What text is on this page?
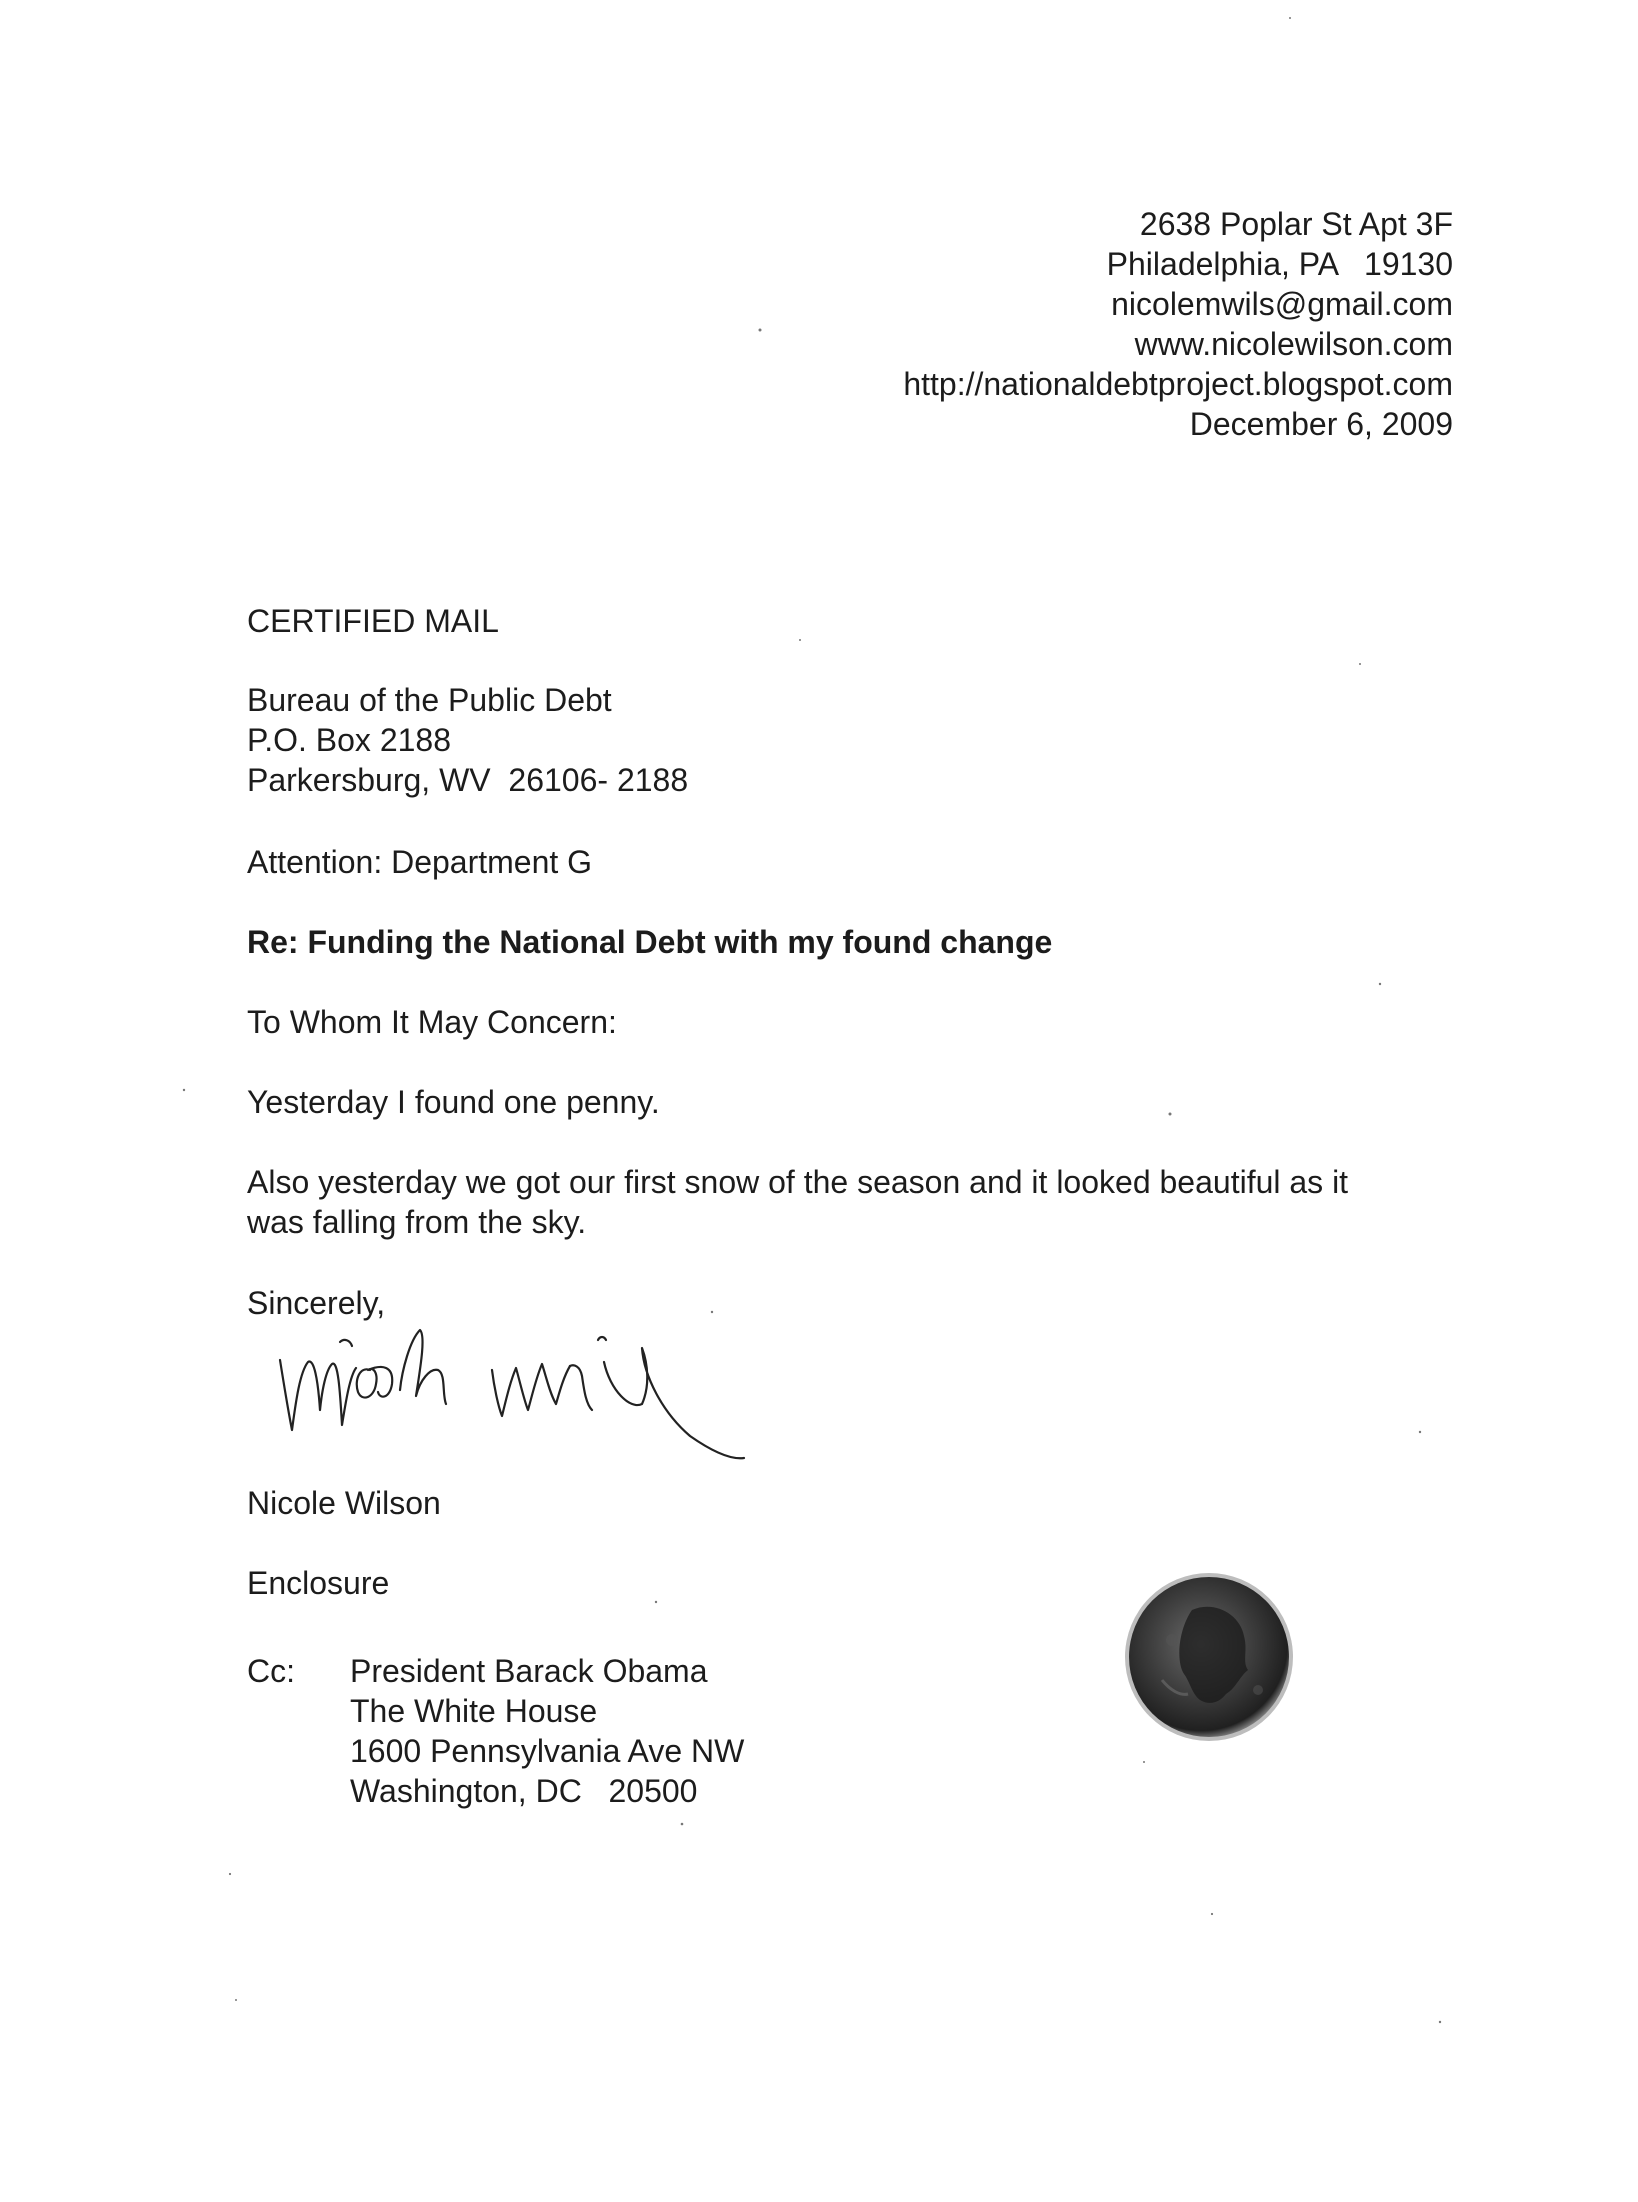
2638 Poplar St Apt 3F
Philadelphia, PA   19130
nicolemwils@gmail.com
www.nicolewilson.com
http://nationaldebtproject.blogspot.com
December 6, 2009
CERTIFIED MAIL
Bureau of the Public Debt
P.O. Box 2188
Parkersburg, WV  26106- 2188
Attention: Department G
Re: Funding the National Debt with my found change
To Whom It May Concern:
Yesterday I found one penny.
Also yesterday we got our first snow of the season and it looked beautiful as it
was falling from the sky.
Sincerely,
Nicole Wilson
Enclosure
Cc: President Barack Obama
The White House
1600 Pennsylvania Ave NW
Washington, DC   20500
